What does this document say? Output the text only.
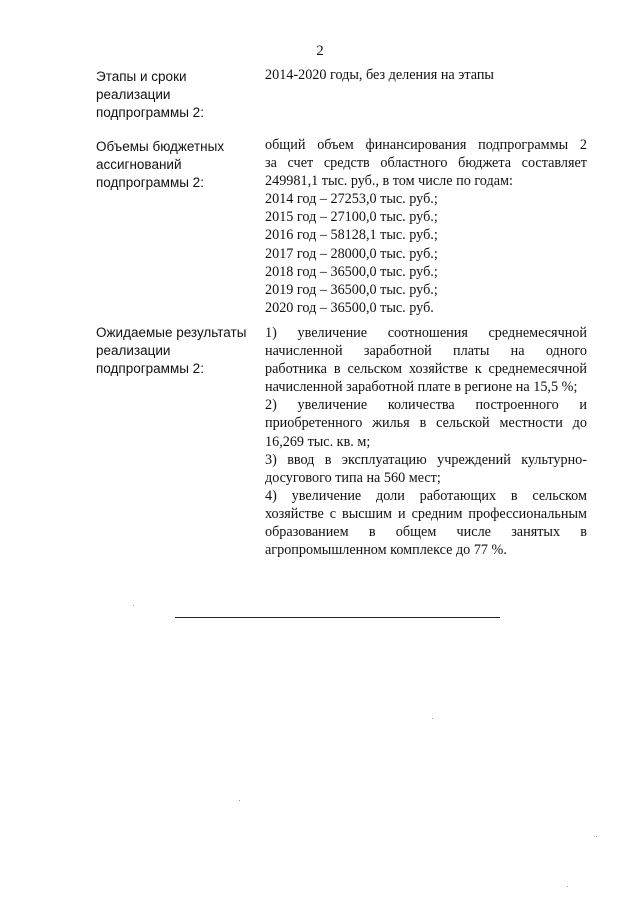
2
Этапы и сроки
реализации
подпрограммы 2:
2014-2020 годы, без деления на этапы
Объемы бюджетных
ассигнований
подпрограммы 2:
общий объем финансирования подпрограммы 2
за счет средств областного бюджета составляет
249981,1 тыс. руб., в том числе по годам:
2014 год – 27253,0 тыс. руб.;
2015 год – 27100,0 тыс. руб.;
2016 год – 58128,1 тыс. руб.;
2017 год – 28000,0 тыс. руб.;
2018 год – 36500,0 тыс. руб.;
2019 год – 36500,0 тыс. руб.;
2020 год – 36500,0 тыс. руб.
Ожидаемые результаты
реализации
подпрограммы 2:
1) увеличение соотношения среднемесячной
начисленной заработной платы на одного
работника в сельском хозяйстве к среднемесячной
начисленной заработной плате в регионе на 15,5 %;
2) увеличение количества построенного и
приобретенного жилья в сельской местности до
16,269 тыс. кв. м;
3) ввод в эксплуатацию учреждений культурно-
досугового типа на 560 мест;
4) увеличение доли работающих в сельском
хозяйстве с высшим и средним профессиональным
образованием в общем числе занятых в
агропромышленном комплексе до 77 %.
